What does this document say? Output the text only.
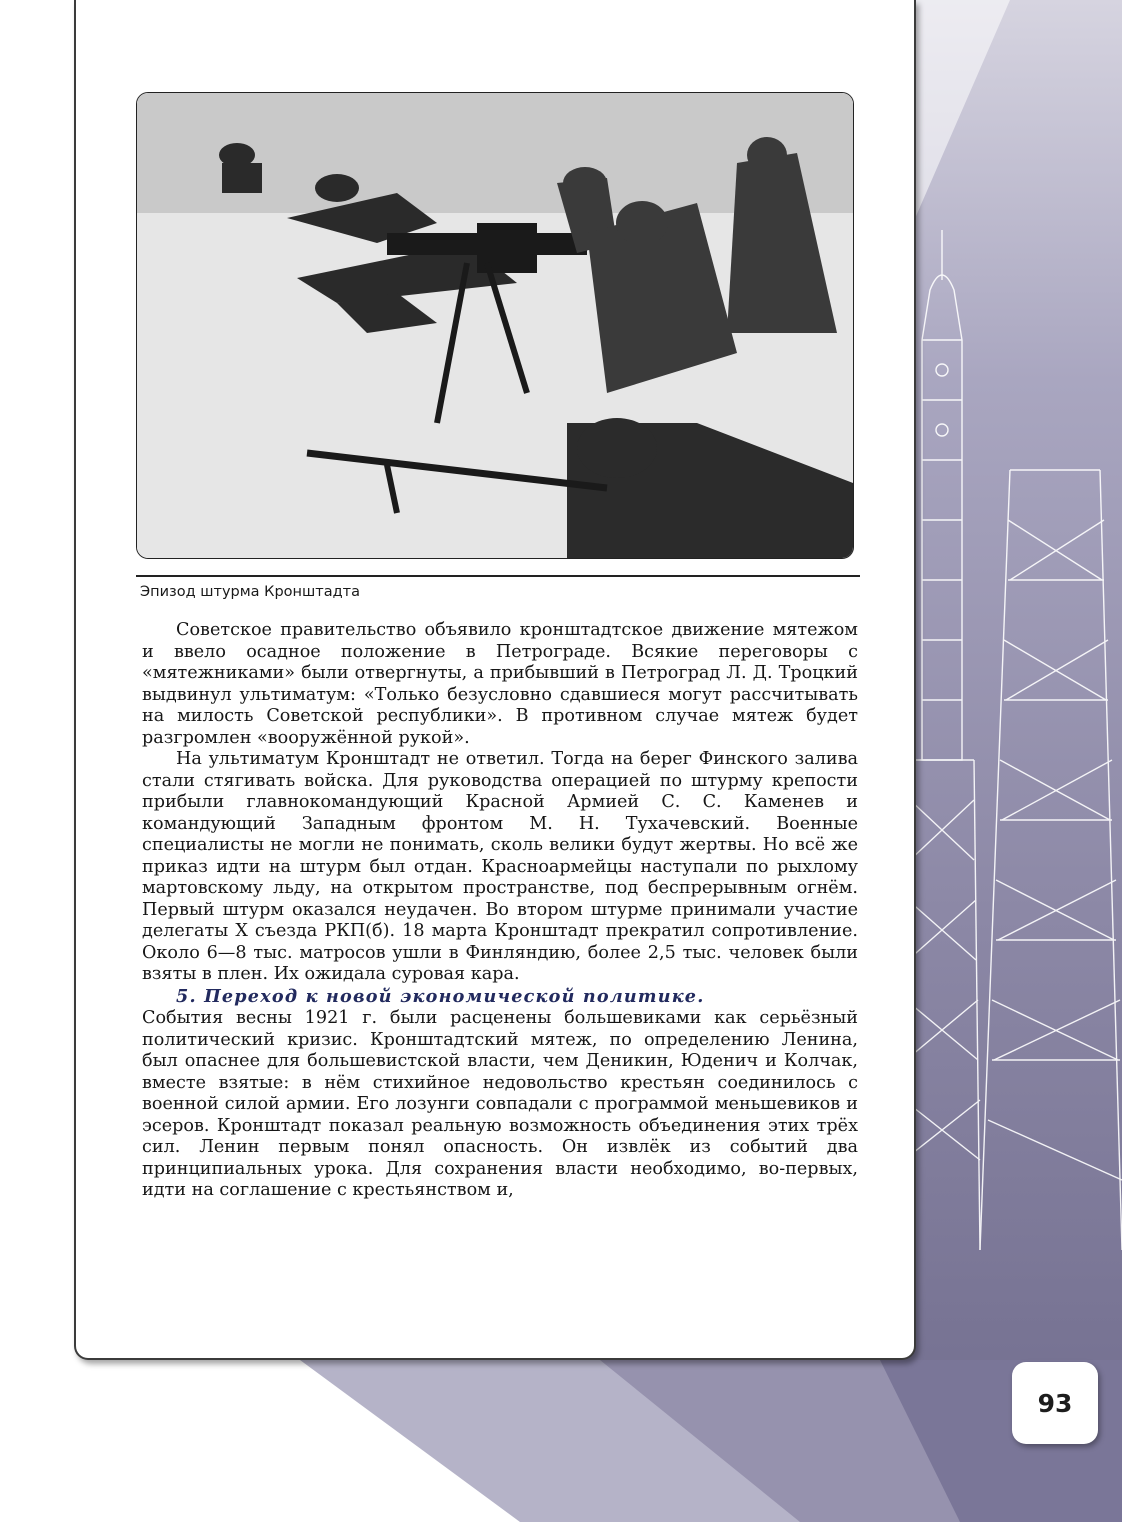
Эпизод штурма Кронштадта

Советское правительство объявило кронштадтское движение мятежом и ввело осадное положение в Петрограде. Всякие переговоры с «мятежниками» были отвергнуты, а прибывший в Петроград Л. Д. Троцкий выдвинул ультиматум: «Только безусловно сдавшиеся могут рассчитывать на милость Советской республики». В противном случае мятеж будет разгромлен «вооружённой рукой».

На ультиматум Кронштадт не ответил. Тогда на берег Финского залива стали стягивать войска. Для руководства операцией по штурму крепости прибыли главнокомандующий Красной Армией С. С. Каменев и командующий Западным фронтом М. Н. Тухачевский. Военные специалисты не могли не понимать, сколь велики будут жертвы. Но всё же приказ идти на штурм был отдан. Красноармейцы наступали по рыхлому мартовскому льду, на открытом пространстве, под беспрерывным огнём. Первый штурм оказался неудачен. Во втором штурме принимали участие делегаты X съезда РКП(б). 18 марта Кронштадт прекратил сопротивление. Около 6—8 тыс. матросов ушли в Финляндию, более 2,5 тыс. человек были взяты в плен. Их ожидала суровая кара.

5. Переход к новой экономической политике.
События весны 1921 г. были расценены большевиками как серьёзный политический кризис. Кронштадтский мятеж, по определению Ленина, был опаснее для большевистской власти, чем Деникин, Юденич и Колчак, вместе взятые: в нём стихийное недовольство крестьян соединилось с военной силой армии. Его лозунги совпадали с программой меньшевиков и эсеров. Кронштадт показал реальную возможность объединения этих трёх сил. Ленин первым понял опасность. Он извлёк из событий два принципиальных урока. Для сохранения власти необходимо, во-первых, идти на соглашение с крестьянством и,

93
